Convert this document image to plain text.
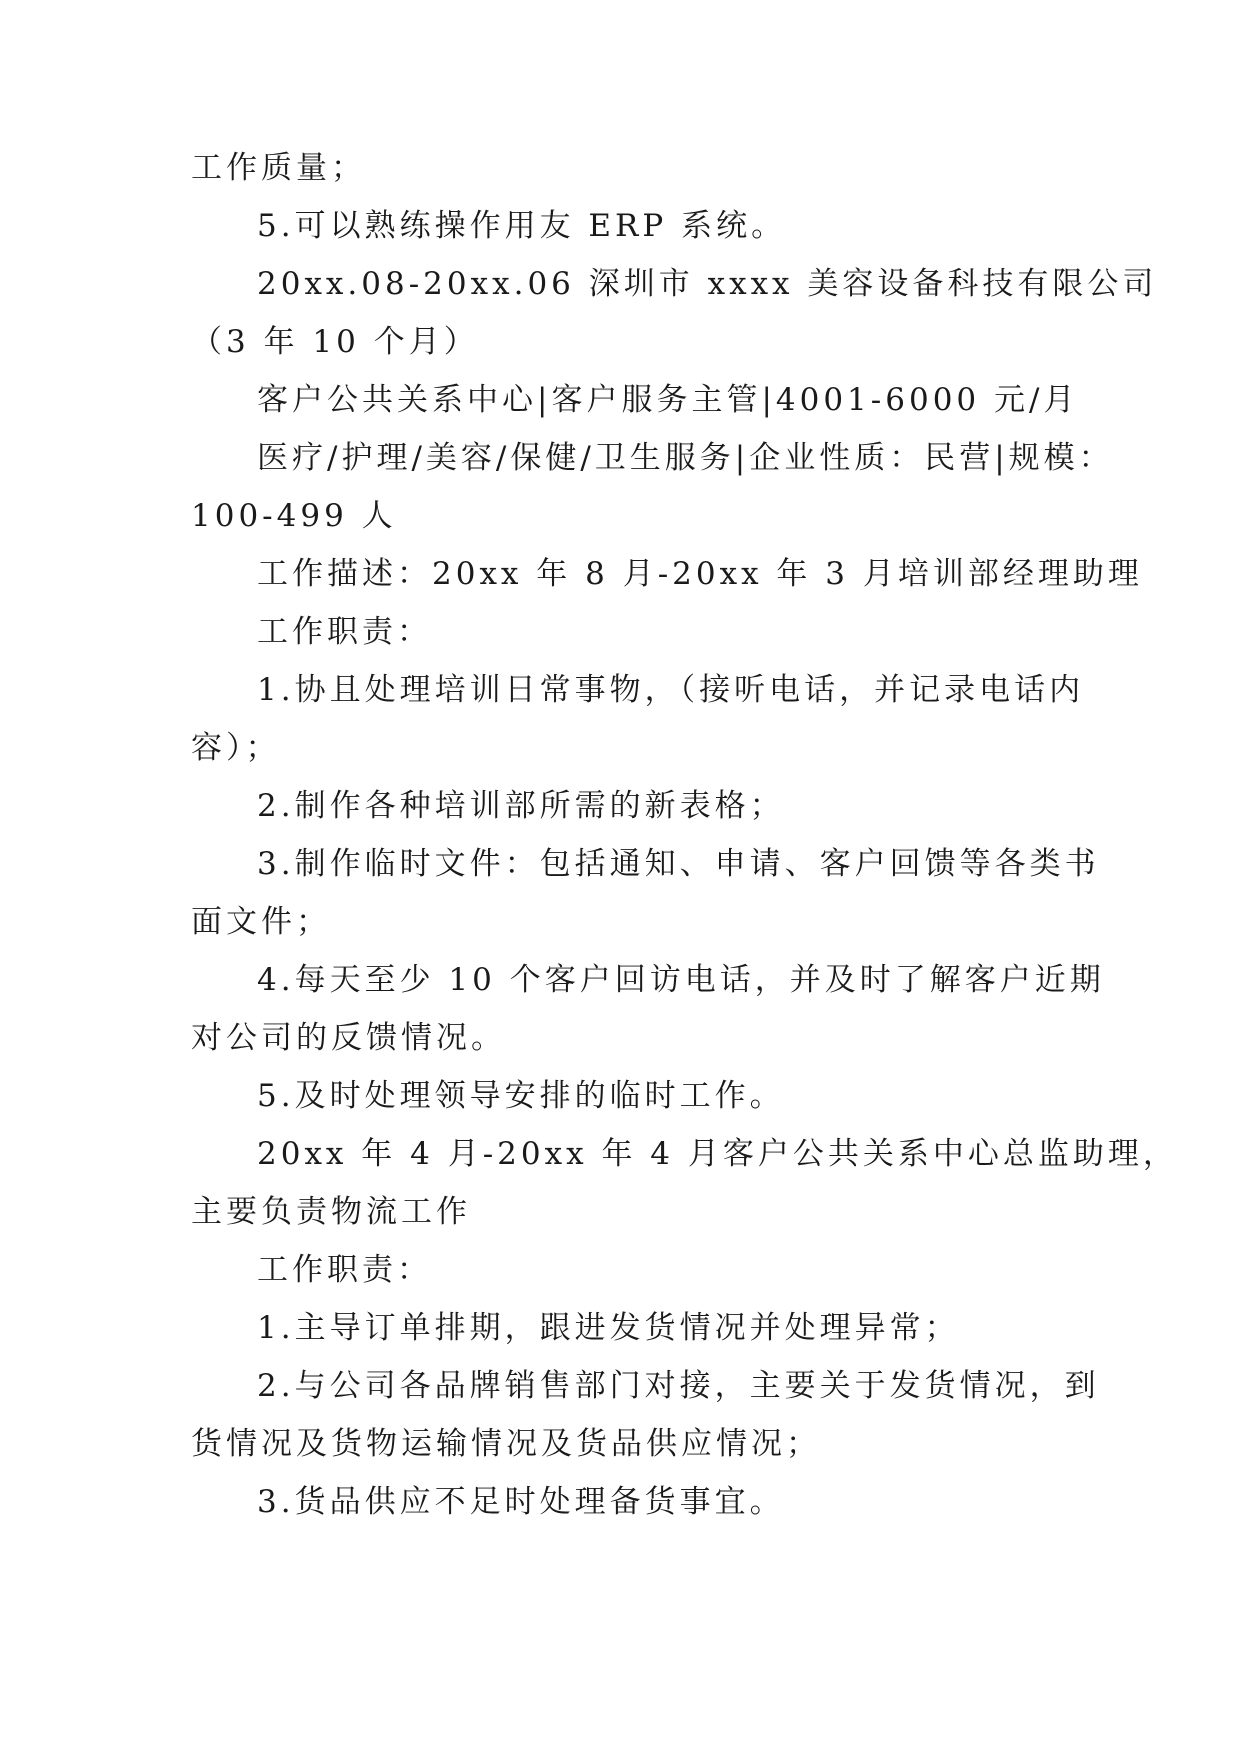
工作质量；
5.可以熟练操作用友 ERP 系统。
20xx.08-20xx.06 深圳市 xxxx 美容设备科技有限公司
（3 年 10 个月）
客户公共关系中心|客户服务主管|4001-6000 元/月
医疗/护理/美容/保健/卫生服务|企业性质：民营|规模：
100-499 人
工作描述：20xx 年 8 月-20xx 年 3 月培训部经理助理
工作职责：
1.协且处理培训日常事物，（接听电话，并记录电话内
容）；
2.制作各种培训部所需的新表格；
3.制作临时文件：包括通知、申请、客户回馈等各类书
面文件；
4.每天至少 10 个客户回访电话，并及时了解客户近期
对公司的反馈情况。
5.及时处理领导安排的临时工作。
20xx 年 4 月-20xx 年 4 月客户公共关系中心总监助理，
主要负责物流工作
工作职责：
1.主导订单排期，跟进发货情况并处理异常；
2.与公司各品牌销售部门对接，主要关于发货情况，到
货情况及货物运输情况及货品供应情况；
3.货品供应不足时处理备货事宜。
